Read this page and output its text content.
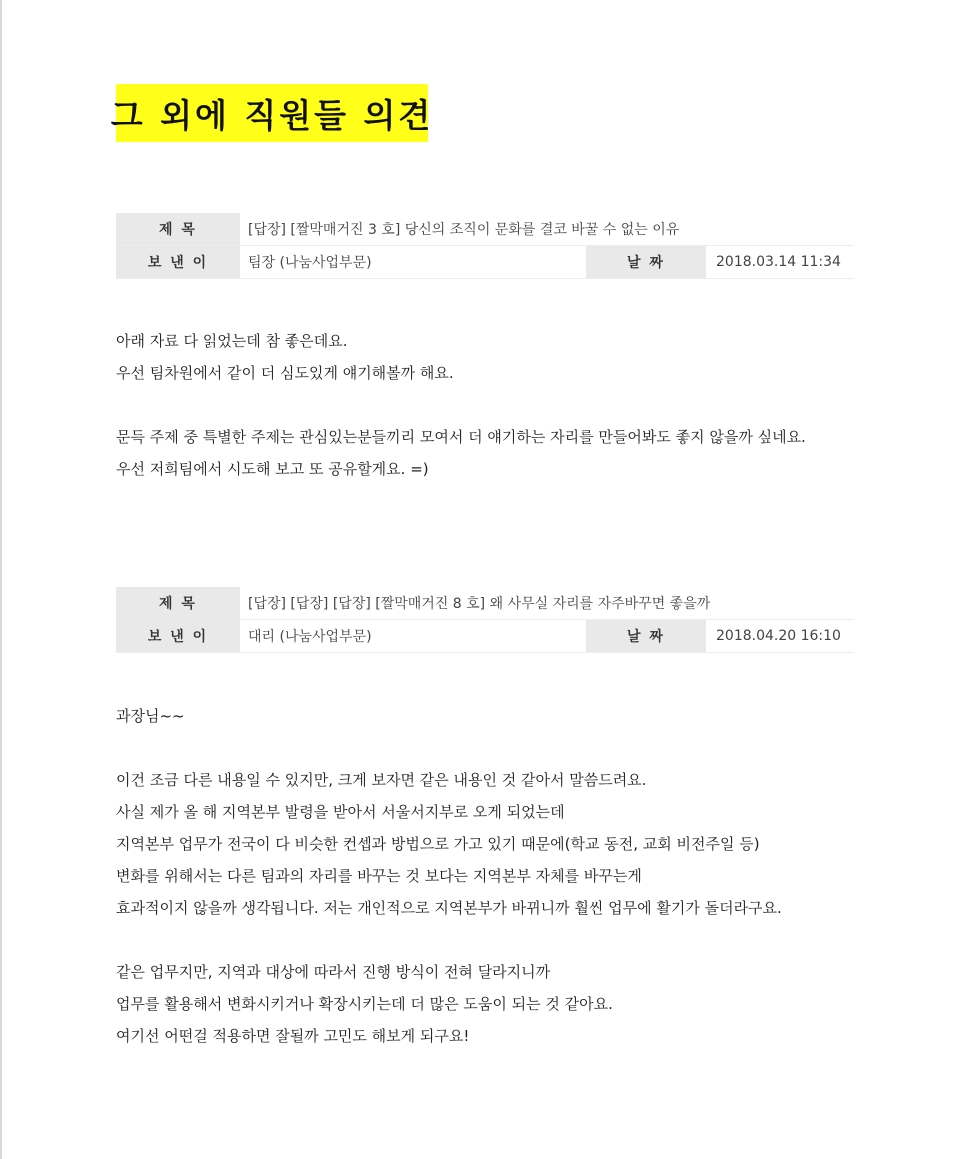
그 외에 직원들 의견
제 목	[답장] [짤막매거진 3 호] 당신의 조직이 문화를 결코 바꿀 수 없는 이유
보 낸 이	팀장 (나눔사업부문)	날 짜	2018.03.14 11:34

아래 자료 다 읽었는데 참 좋은데요.

우선 팀차원에서 같이 더 심도있게 얘기해볼까 해요.

문득 주제 중 특별한 주제는 관심있는분들끼리 모여서 더 얘기하는 자리를 만들어봐도 좋지 않을까 싶네요.

우선 저희팀에서 시도해 보고 또 공유할게요. =)

제 목	[답장] [답장] [답장] [짤막매거진 8 호] 왜 사무실 자리를 자주바꾸면 좋을까
보 낸 이	대리 (나눔사업부문)	날 짜	2018.04.20 16:10

과장님~~

이건 조금 다른 내용일 수 있지만, 크게 보자면 같은 내용인 것 같아서 말씀드려요.

사실 제가 올 해 지역본부 발령을 받아서 서울서지부로 오게 되었는데

지역본부 업무가 전국이 다 비슷한 컨셉과 방법으로 가고 있기 때문에(학교 동전, 교회 비전주일 등)

변화를 위해서는 다른 팀과의 자리를 바꾸는 것 보다는 지역본부 자체를 바꾸는게

효과적이지 않을까 생각됩니다. 저는 개인적으로 지역본부가 바뀌니까 훨씬 업무에 활기가 돌더라구요.

같은 업무지만, 지역과 대상에 따라서 진행 방식이 전혀 달라지니까

업무를 활용해서 변화시키거나 확장시키는데 더 많은 도움이 되는 것 같아요.

여기선 어떤걸 적용하면 잘될까 고민도 해보게 되구요!
